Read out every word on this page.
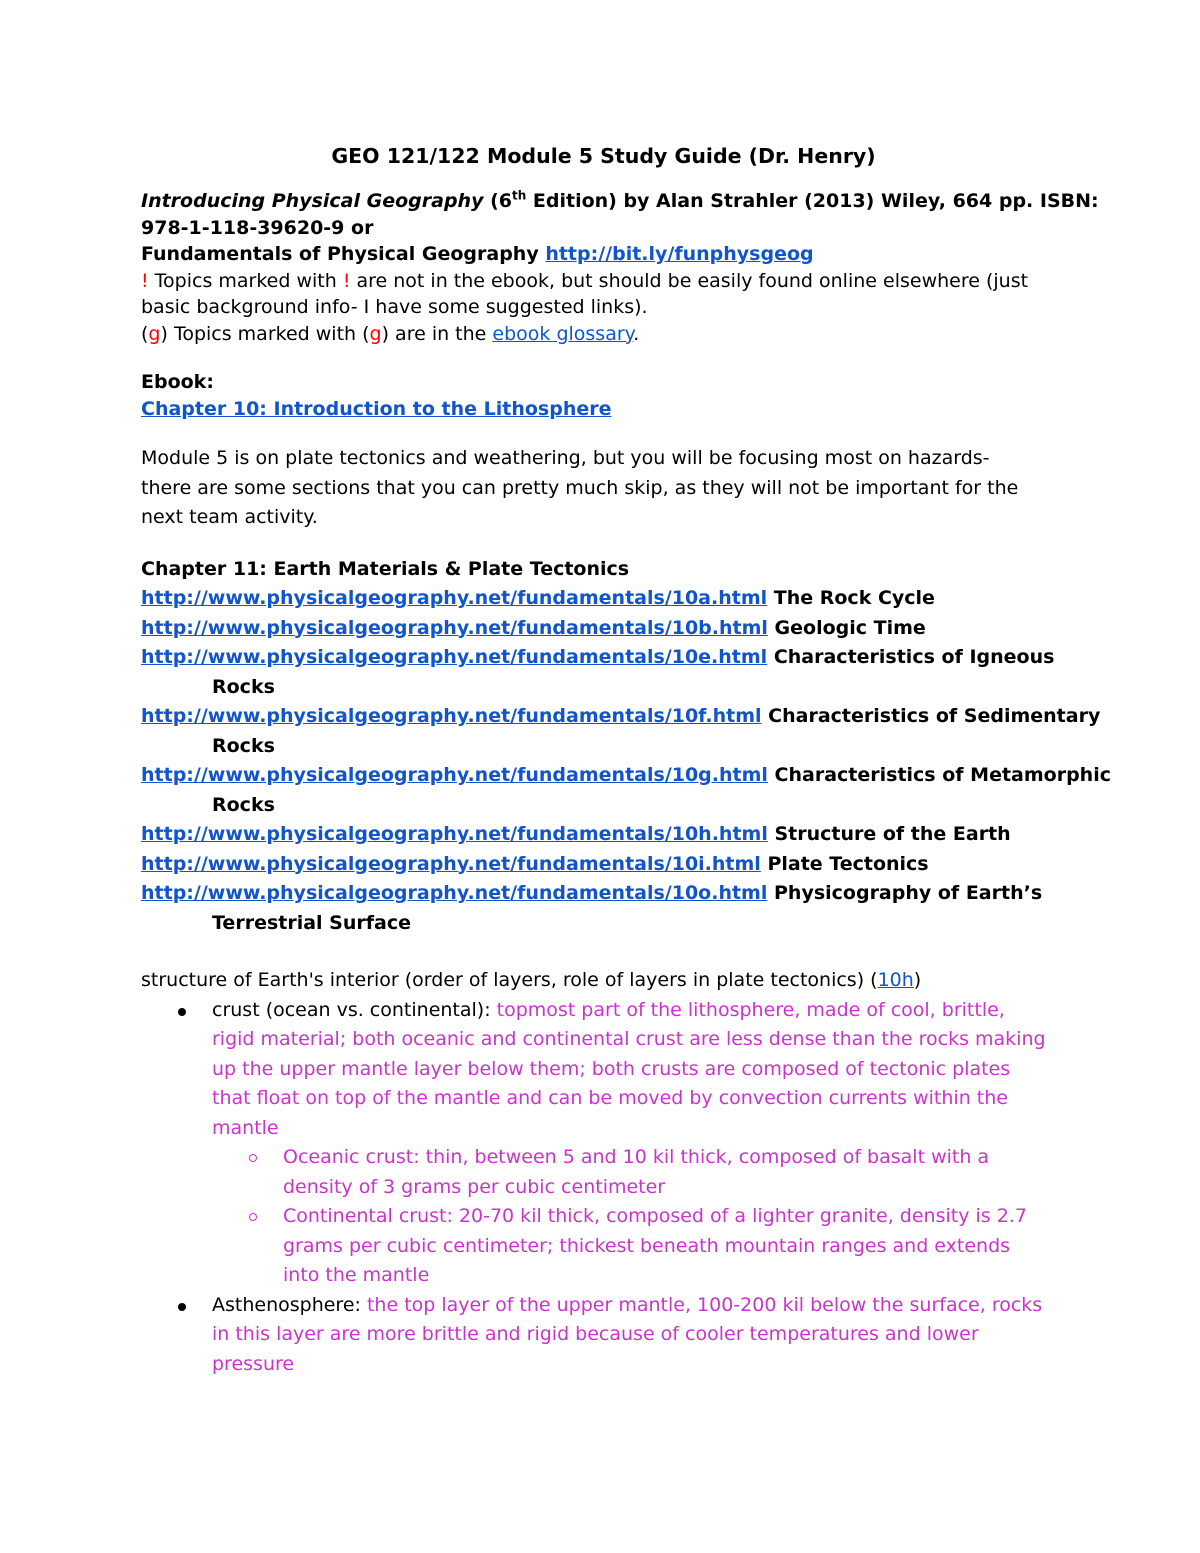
GEO 121/122 Module 5 Study Guide (Dr. Henry)
Introducing Physical Geography (6th Edition) by Alan Strahler (2013) Wiley, 664 pp. ISBN:
978-1-118-39620-9 or
Fundamentals of Physical Geography http://bit.ly/funphysgeog
! Topics marked with ! are not in the ebook, but should be easily found online elsewhere (just
basic background info- I have some suggested links).
(g) Topics marked with (g) are in the ebook glossary.
Ebook:
Chapter 10: Introduction to the Lithosphere
Module 5 is on plate tectonics and weathering, but you will be focusing most on hazards-
there are some sections that you can pretty much skip, as they will not be important for the
next team activity.
Chapter 11: Earth Materials & Plate Tectonics
http://www.physicalgeography.net/fundamentals/10a.html The Rock Cycle
http://www.physicalgeography.net/fundamentals/10b.html Geologic Time
http://www.physicalgeography.net/fundamentals/10e.html Characteristics of Igneous
Rocks
http://www.physicalgeography.net/fundamentals/10f.html Characteristics of Sedimentary
Rocks
http://www.physicalgeography.net/fundamentals/10g.html Characteristics of Metamorphic
Rocks
http://www.physicalgeography.net/fundamentals/10h.html Structure of the Earth
http://www.physicalgeography.net/fundamentals/10i.html Plate Tectonics
http://www.physicalgeography.net/fundamentals/10o.html Physicography of Earth’s
Terrestrial Surface
structure of Earth's interior (order of layers, role of layers in plate tectonics) (10h)
crust (ocean vs. continental): topmost part of the lithosphere, made of cool, brittle,
rigid material; both oceanic and continental crust are less dense than the rocks making
up the upper mantle layer below them; both crusts are composed of tectonic plates
that float on top of the mantle and can be moved by convection currents within the
mantle
Oceanic crust: thin, between 5 and 10 kil thick, composed of basalt with a
density of 3 grams per cubic centimeter
Continental crust: 20-70 kil thick, composed of a lighter granite, density is 2.7
grams per cubic centimeter; thickest beneath mountain ranges and extends
into the mantle
Asthenosphere: the top layer of the upper mantle, 100-200 kil below the surface, rocks
in this layer are more brittle and rigid because of cooler temperatures and lower
pressure
